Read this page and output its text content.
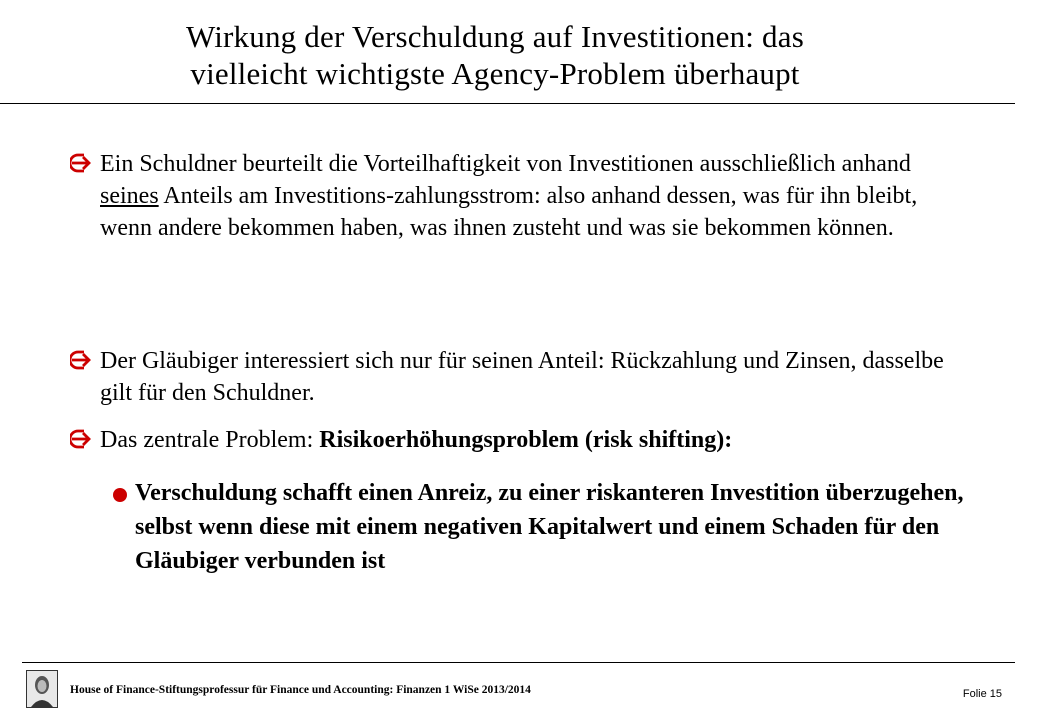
Wirkung der Verschuldung auf Investitionen: das
vielleicht wichtigste Agency-Problem überhaupt
Ein Schuldner beurteilt die Vorteilhaftigkeit von Investitionen ausschließlich anhand seines Anteils am Investitions-zahlungsstrom: also anhand dessen, was für ihn bleibt, wenn andere bekommen haben, was ihnen zusteht und was sie bekommen können.
Der Gläubiger interessiert sich nur für seinen Anteil: Rückzahlung und Zinsen, dasselbe gilt für den Schuldner.
Das zentrale Problem: Risikoerhöhungsproblem (risk shifting):
Verschuldung schafft einen Anreiz, zu einer riskanteren Investition überzugehen, selbst wenn diese mit einem negativen Kapitalwert und einem Schaden für den Gläubiger verbunden ist
House of Finance-Stiftungsprofessur für Finance und Accounting: Finanzen 1 WiSe 2013/2014	Folie 15
